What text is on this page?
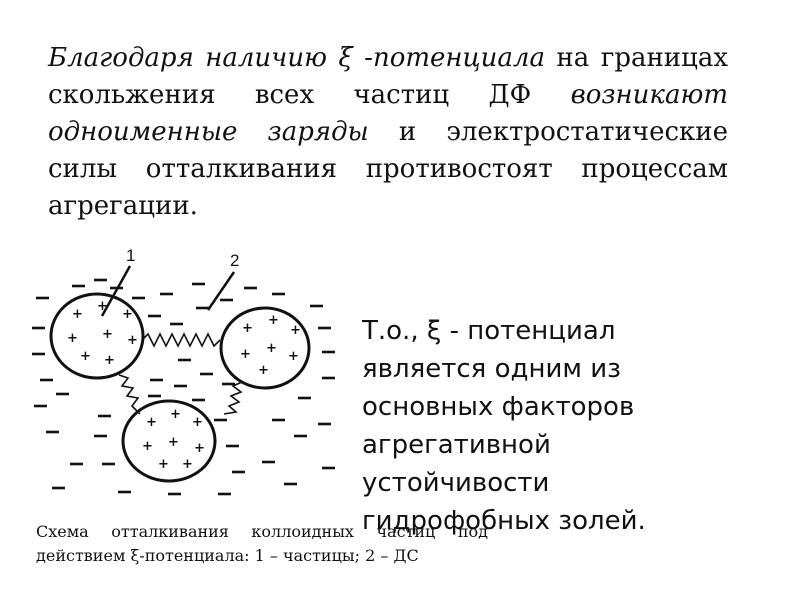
Благодаря наличию ξ -потенциала на границах скольжения всех частиц ДФ возникают одноименные заряды и электростатические силы отталкивания противостоят процессам агрегации.

1	2
+
+
+
+ + +
+ +
+
+
+
+ +
+
+
+
+
+
+ + +
+ +

Т.о., ξ - потенциал является одним из основных факторов агрегативной устойчивости гидрофобных золей.

Схема отталкивания коллоидных частиц под действием ξ-потенциала: 1 – частицы; 2 – ДС
